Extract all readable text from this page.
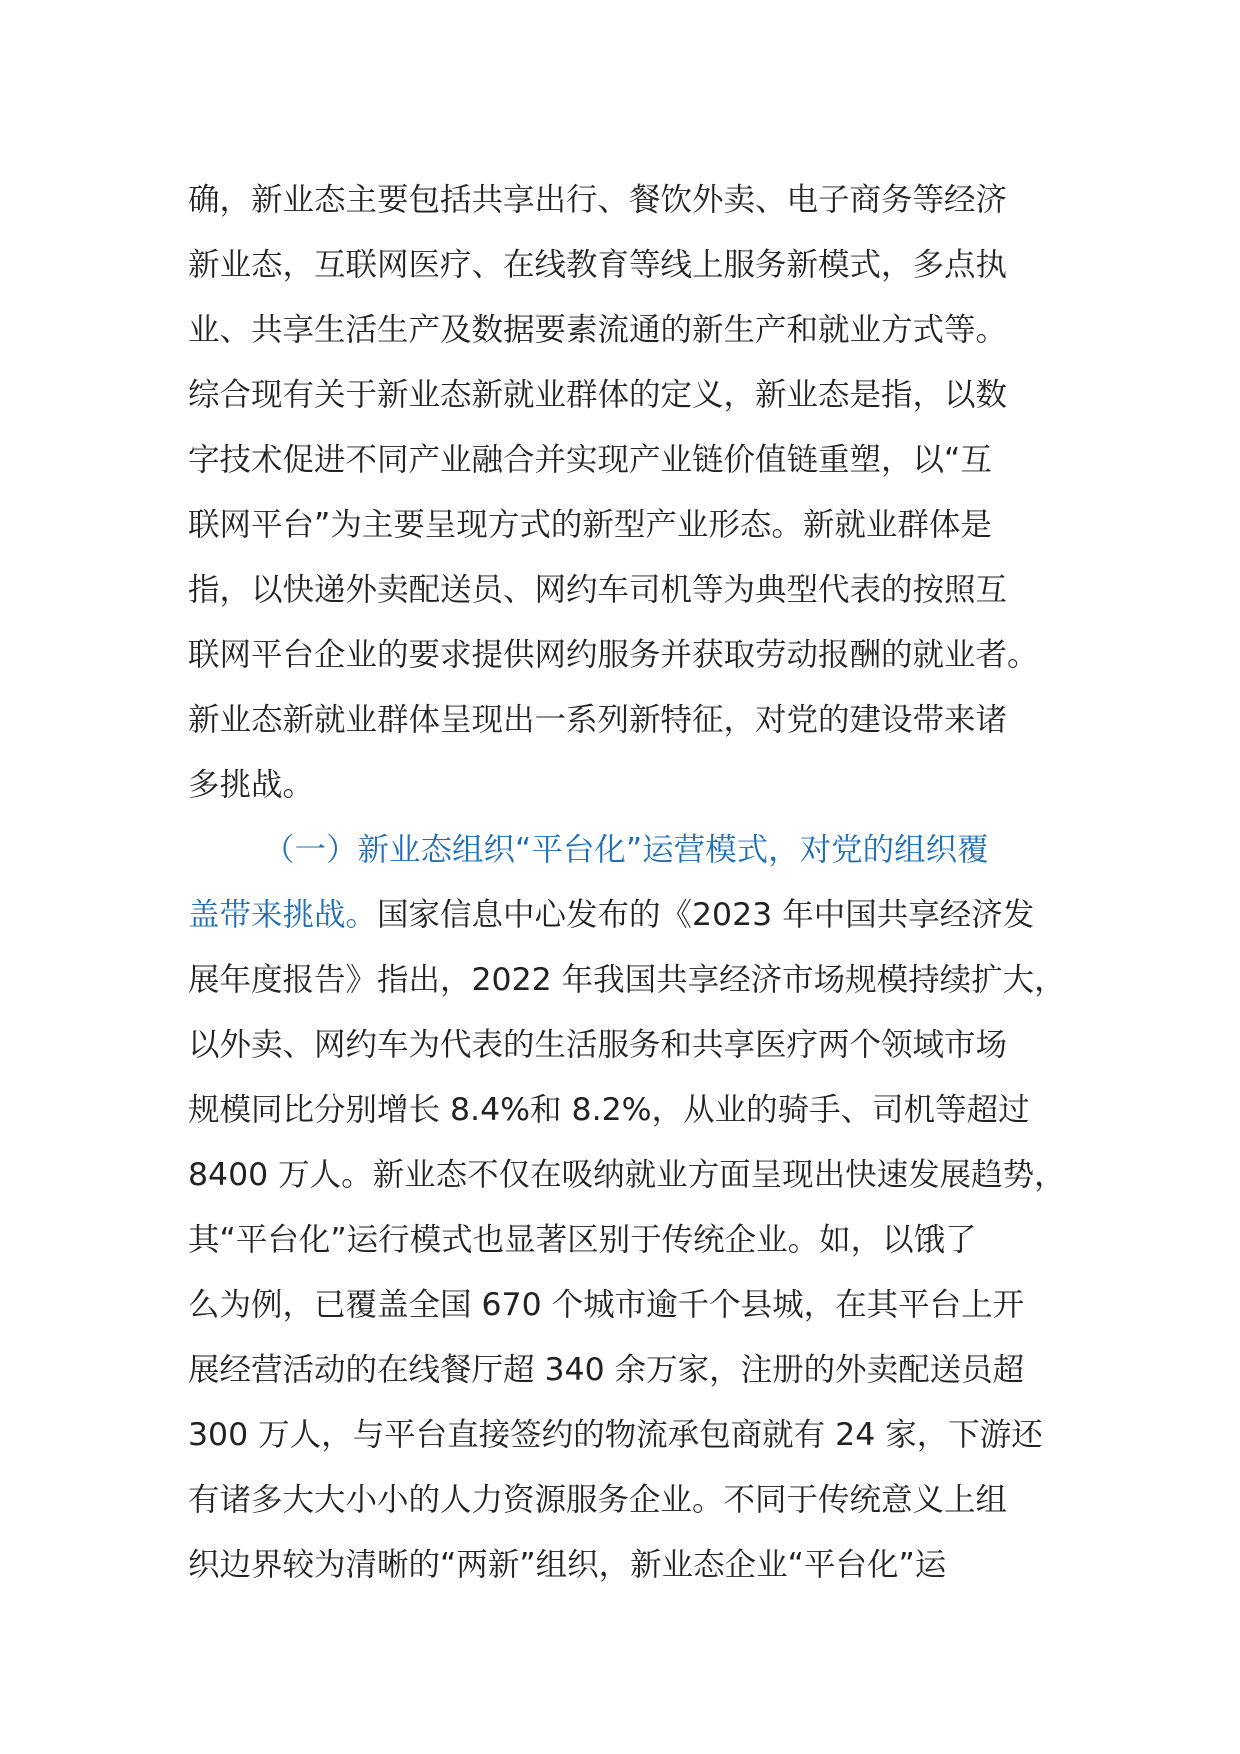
确，新业态主要包括共享出行、餐饮外卖、电子商务等经济
新业态，互联网医疗、在线教育等线上服务新模式，多点执
业、共享生活生产及数据要素流通的新生产和就业方式等。
综合现有关于新业态新就业群体的定义，新业态是指，以数
字技术促进不同产业融合并实现产业链价值链重塑，以“互
联网平台”为主要呈现方式的新型产业形态。新就业群体是
指，以快递外卖配送员、网约车司机等为典型代表的按照互
联网平台企业的要求提供网约服务并获取劳动报酬的就业者。
新业态新就业群体呈现出一系列新特征，对党的建设带来诸
多挑战。
（一）新业态组织“平台化”运营模式，对党的组织覆
盖带来挑战。国家信息中心发布的《2023 年中国共享经济发
展年度报告》指出，2022 年我国共享经济市场规模持续扩大，
以外卖、网约车为代表的生活服务和共享医疗两个领域市场
规模同比分别增长 8.4%和 8.2%，从业的骑手、司机等超过
8400 万人。新业态不仅在吸纳就业方面呈现出快速发展趋势，
其“平台化”运行模式也显著区别于传统企业。如，以饿了
么为例，已覆盖全国 670 个城市逾千个县城，在其平台上开
展经营活动的在线餐厅超 340 余万家，注册的外卖配送员超
300 万人，与平台直接签约的物流承包商就有 24 家，下游还
有诸多大大小小的人力资源服务企业。不同于传统意义上组
织边界较为清晰的“两新”组织，新业态企业“平台化”运
